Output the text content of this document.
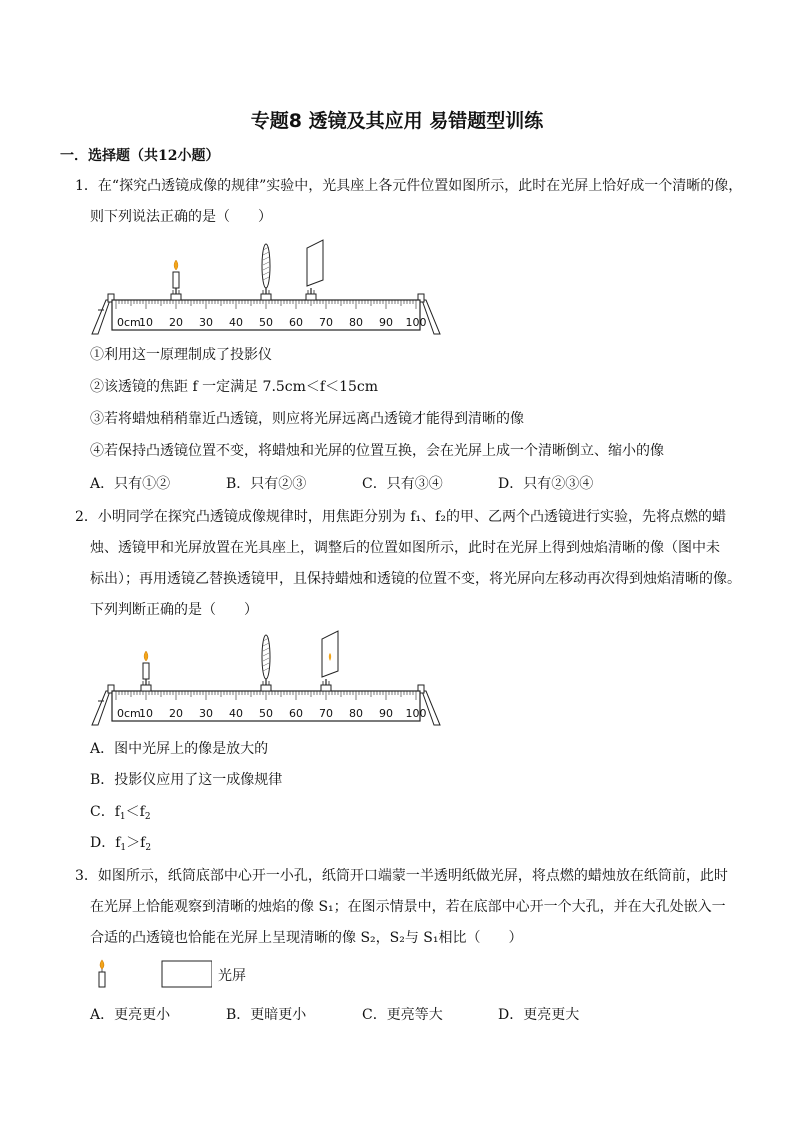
专题8 透镜及其应用 易错题型训练
一．选择题（共12小题）
1．在“探究凸透镜成像的规律”实验中，光具座上各元件位置如图所示，此时在光屏上恰好成一个清晰的像，
则下列说法正确的是（　　）
0cm
10 20 30 40 50 60 70 80 90 100
①利用这一原理制成了投影仪
②该透镜的焦距 f 一定满足 7.5cm＜f＜15cm
③若将蜡烛稍稍靠近凸透镜，则应将光屏远离凸透镜才能得到清晰的像
④若保持凸透镜位置不变，将蜡烛和光屏的位置互换，会在光屏上成一个清晰倒立、缩小的像
A．只有①②	B．只有②③	C．只有③④	D．只有②③④
2．小明同学在探究凸透镜成像规律时，用焦距分别为 f₁、f₂的甲、乙两个凸透镜进行实验，先将点燃的蜡
烛、透镜甲和光屏放置在光具座上，调整后的位置如图所示，此时在光屏上得到烛焰清晰的像（图中未
标出）；再用透镜乙替换透镜甲，且保持蜡烛和透镜的位置不变，将光屏向左移动再次得到烛焰清晰的像。
下列判断正确的是（　　）
0cm
10 20 30 40 50 60 70 80 90 100
A．图中光屏上的像是放大的
B．投影仪应用了这一成像规律
C．$f_1<f_2$
D．$f_1>f_2$
3．如图所示，纸筒底部中心开一小孔，纸筒开口端蒙一半透明纸做光屏，将点燃的蜡烛放在纸筒前，此时
在光屏上恰能观察到清晰的烛焰的像 S₁；在图示情景中，若在底部中心开一个大孔，并在大孔处嵌入一
合适的凸透镜也恰能在光屏上呈现清晰的像 S₂，S₂与 S₁相比（　　）
光屏
A．更亮更小	B．更暗更小	C．更亮等大	D．更亮更大
